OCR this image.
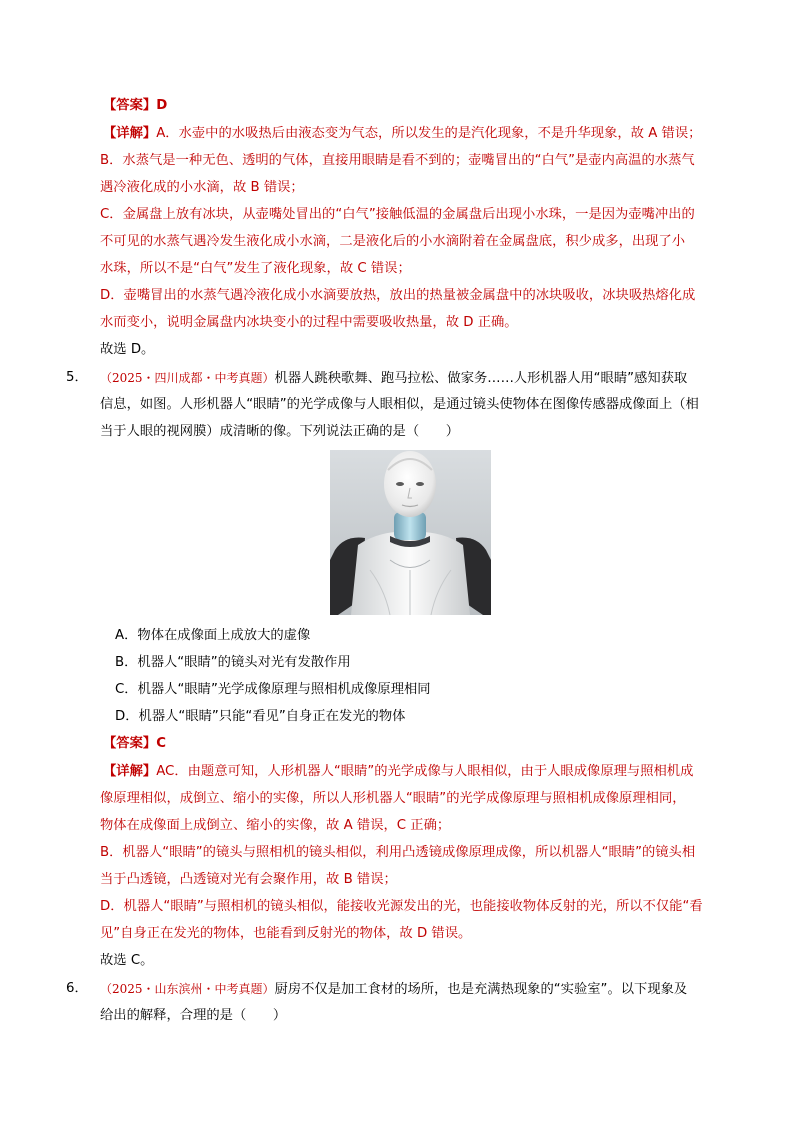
【答案】D

【详解】A．水壶中的水吸热后由液态变为气态，所以发生的是汽化现象，不是升华现象，故 A 错误；

B．水蒸气是一种无色、透明的气体，直接用眼睛是看不到的；壶嘴冒出的“白气”是壶内高温的水蒸气

遇冷液化成的小水滴，故 B 错误；

C．金属盘上放有冰块，从壶嘴处冒出的“白气”接触低温的金属盘后出现小水珠，一是因为壶嘴冲出的

不可见的水蒸气遇冷发生液化成小水滴，二是液化后的小水滴附着在金属盘底，积少成多，出现了小

水珠，所以不是“白气”发生了液化现象，故 C 错误；

D．壶嘴冒出的水蒸气遇冷液化成小水滴要放热，放出的热量被金属盘中的冰块吸收，冰块吸热熔化成

水而变小，说明金属盘内冰块变小的过程中需要吸收热量，故 D 正确。

故选 D。

5． （2025・四川成都・中考真题）机器人跳秧歌舞、跑马拉松、做家务……人形机器人用“眼睛”感知获取

信息，如图。人形机器人“眼睛”的光学成像与人眼相似，是通过镜头使物体在图像传感器成像面上（相

当于人眼的视网膜）成清晰的像。下列说法正确的是（　　）

A．物体在成像面上成放大的虚像

B．机器人“眼睛”的镜头对光有发散作用

C．机器人“眼睛”光学成像原理与照相机成像原理相同

D．机器人“眼睛”只能“看见”自身正在发光的物体

【答案】C

【详解】AC．由题意可知，人形机器人“眼睛”的光学成像与人眼相似，由于人眼成像原理与照相机成

像原理相似，成倒立、缩小的实像，所以人形机器人“眼睛”的光学成像原理与照相机成像原理相同，

物体在成像面上成倒立、缩小的实像，故 A 错误，C 正确；

B．机器人“眼睛”的镜头与照相机的镜头相似，利用凸透镜成像原理成像，所以机器人“眼睛”的镜头相

当于凸透镜，凸透镜对光有会聚作用，故 B 错误；

D．机器人“眼睛”与照相机的镜头相似，能接收光源发出的光，也能接收物体反射的光，所以不仅能“看

见”自身正在发光的物体，也能看到反射光的物体，故 D 错误。

故选 C。

6． （2025・山东滨州・中考真题）厨房不仅是加工食材的场所，也是充满热现象的“实验室”。以下现象及

给出的解释，合理的是（　　）
